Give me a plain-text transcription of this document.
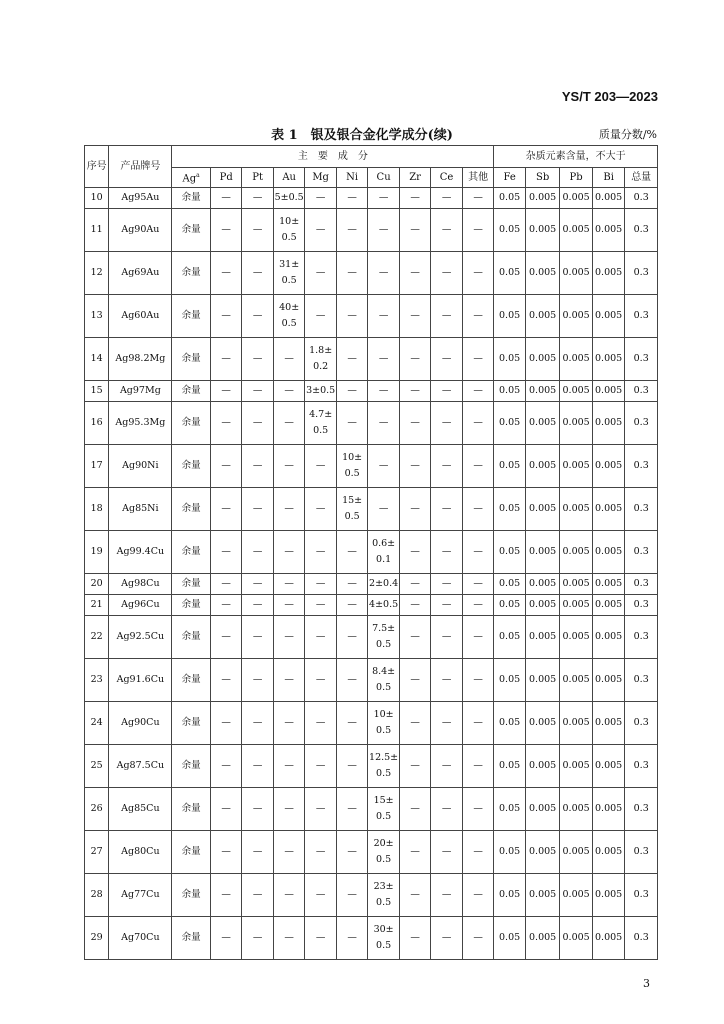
YS/T 203—2023
表 1　银及银合金化学成分(续)	质量分数/%
序号	产品牌号	主　要　成　分										杂质元素含量，不大于				
		Ag$^a$	Pd	Pt	Au	Mg	Ni	Cu	Zr	Ce	其他	Fe	Sb	Pb	Bi	总量
10	Ag95Au	余量	—	—	5±0.5	—	—	—	—	—	—	0.05	0.005	0.005	0.005	0.3
11	Ag90Au	余量	—	—	10±
0.5	—	—	—	—	—	—	0.05	0.005	0.005	0.005	0.3
12	Ag69Au	余量	—	—	31±
0.5	—	—	—	—	—	—	0.05	0.005	0.005	0.005	0.3
13	Ag60Au	余量	—	—	40±
0.5	—	—	—	—	—	—	0.05	0.005	0.005	0.005	0.3
14	Ag98.2Mg	余量	—	—	—	1.8±
0.2	—	—	—	—	—	0.05	0.005	0.005	0.005	0.3
15	Ag97Mg	余量	—	—	—	3±0.5	—	—	—	—	—	0.05	0.005	0.005	0.005	0.3
16	Ag95.3Mg	余量	—	—	—	4.7±
0.5	—	—	—	—	—	0.05	0.005	0.005	0.005	0.3
17	Ag90Ni	余量	—	—	—	—	10±
0.5	—	—	—	—	0.05	0.005	0.005	0.005	0.3
18	Ag85Ni	余量	—	—	—	—	15±
0.5	—	—	—	—	0.05	0.005	0.005	0.005	0.3
19	Ag99.4Cu	余量	—	—	—	—	—	0.6±
0.1	—	—	—	0.05	0.005	0.005	0.005	0.3
20	Ag98Cu	余量	—	—	—	—	—	2±0.4	—	—	—	0.05	0.005	0.005	0.005	0.3
21	Ag96Cu	余量	—	—	—	—	—	4±0.5	—	—	—	0.05	0.005	0.005	0.005	0.3
22	Ag92.5Cu	余量	—	—	—	—	—	7.5±
0.5	—	—	—	0.05	0.005	0.005	0.005	0.3
23	Ag91.6Cu	余量	—	—	—	—	—	8.4±
0.5	—	—	—	0.05	0.005	0.005	0.005	0.3
24	Ag90Cu	余量	—	—	—	—	—	10±
0.5	—	—	—	0.05	0.005	0.005	0.005	0.3
25	Ag87.5Cu	余量	—	—	—	—	—	12.5±
0.5	—	—	—	0.05	0.005	0.005	0.005	0.3
26	Ag85Cu	余量	—	—	—	—	—	15±
0.5	—	—	—	0.05	0.005	0.005	0.005	0.3
27	Ag80Cu	余量	—	—	—	—	—	20±
0.5	—	—	—	0.05	0.005	0.005	0.005	0.3
28	Ag77Cu	余量	—	—	—	—	—	23±
0.5	—	—	—	0.05	0.005	0.005	0.005	0.3
29	Ag70Cu	余量	—	—	—	—	—	30±
0.5	—	—	—	0.05	0.005	0.005	0.005	0.3
3
